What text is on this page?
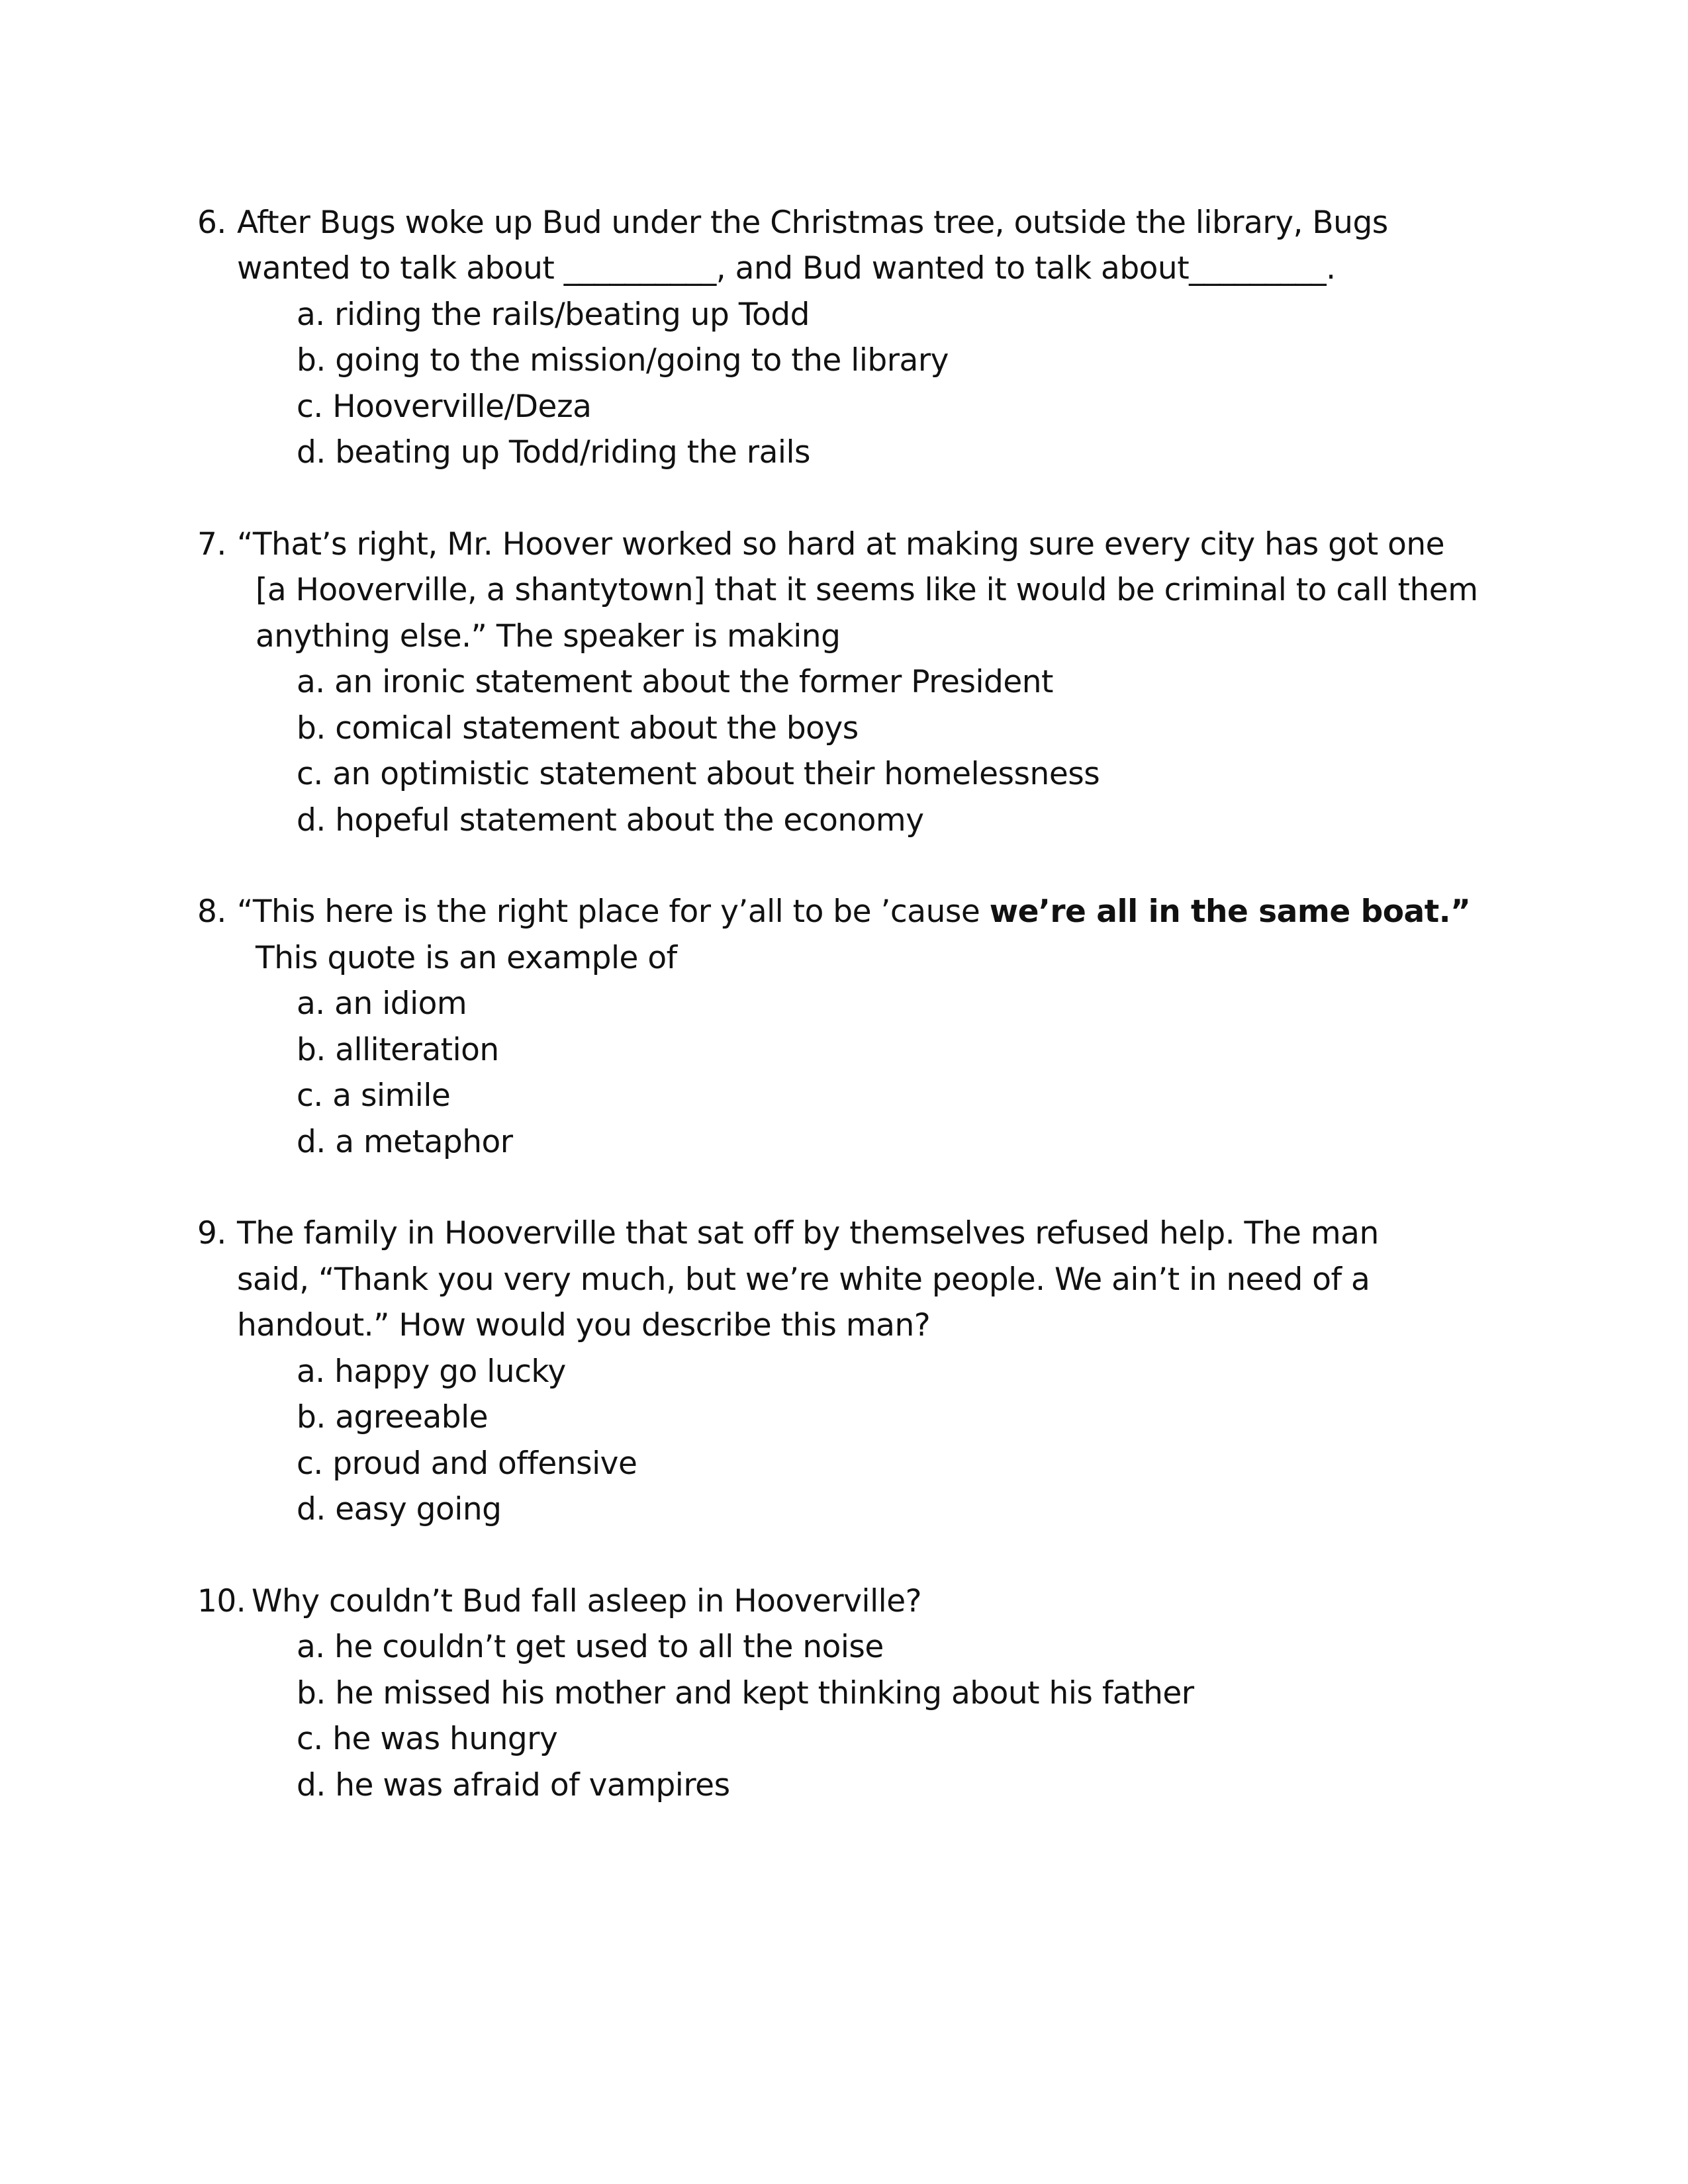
6. After Bugs woke up Bud under the Christmas tree, outside the library, Bugs
wanted to talk about __________, and Bud wanted to talk about_________.
a. riding the rails/beating up Todd
b. going to the mission/going to the library
c. Hooverville/Deza
d. beating up Todd/riding the rails
7. “That’s right, Mr. Hoover worked so hard at making sure every city has got one
[a Hooverville, a shantytown] that it seems like it would be criminal to call them
anything else.” The speaker is making
a. an ironic statement about the former President
b. comical statement about the boys
c. an optimistic statement about their homelessness
d. hopeful statement about the economy
8. “This here is the right place for y’all to be ’cause we’re all in the same boat.”
This quote is an example of
a. an idiom
b. alliteration
c. a simile
d. a metaphor
9. The family in Hooverville that sat off by themselves refused help. The man
said, “Thank you very much, but we’re white people. We ain’t in need of a
handout.” How would you describe this man?
a. happy go lucky
b. agreeable
c. proud and offensive
d. easy going
10. Why couldn’t Bud fall asleep in Hooverville?
a. he couldn’t get used to all the noise
b. he missed his mother and kept thinking about his father
c. he was hungry
d. he was afraid of vampires
